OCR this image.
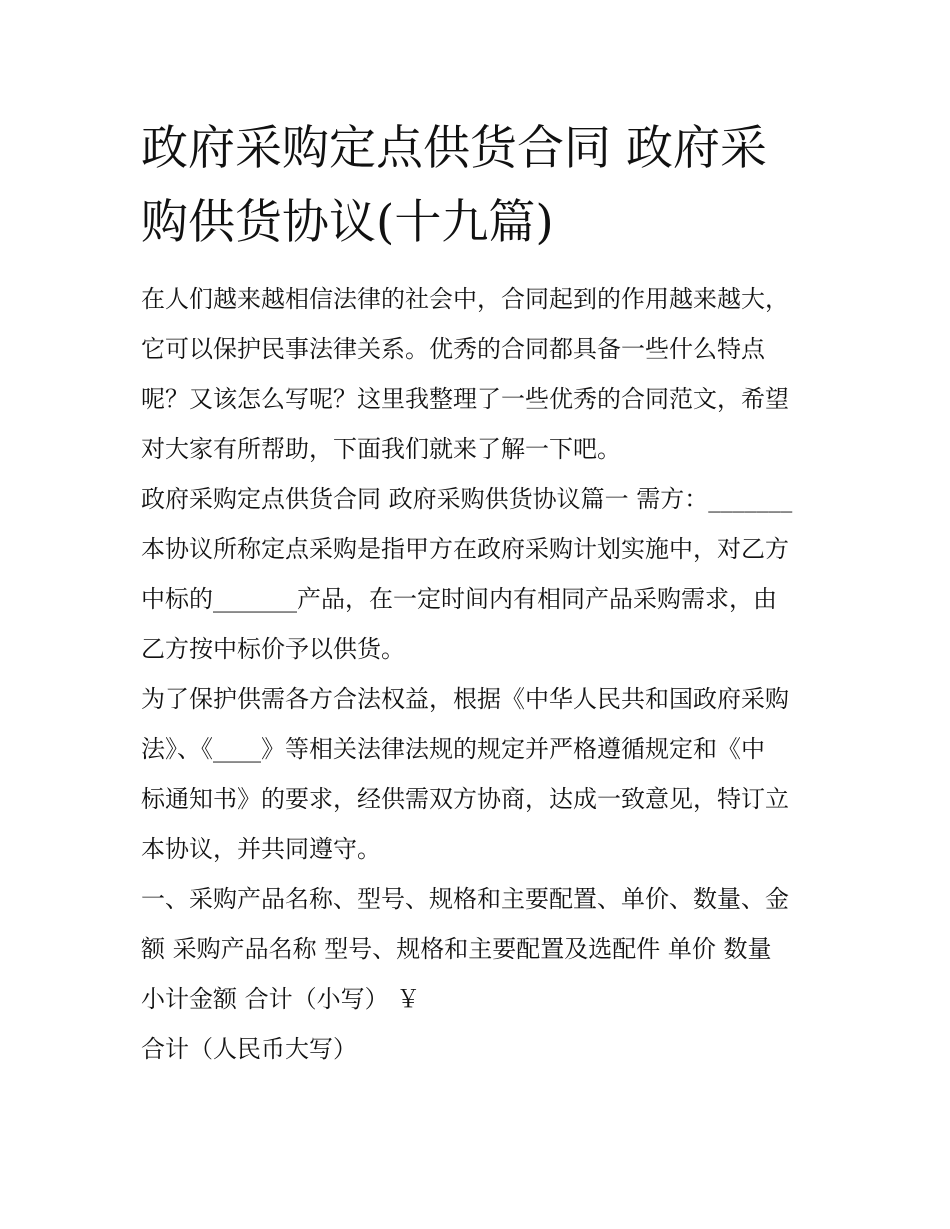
政府采购定点供货合同 政府采
购供货协议(十九篇)
在人们越来越相信法律的社会中，合同起到的作用越来越大，
它可以保护民事法律关系。优秀的合同都具备一些什么特点
呢？又该怎么写呢？这里我整理了一些优秀的合同范文，希望
对大家有所帮助，下面我们就来了解一下吧。
政府采购定点供货合同 政府采购供货协议篇一 需方：_______
本协议所称定点采购是指甲方在政府采购计划实施中，对乙方
中标的_______产品，在一定时间内有相同产品采购需求，由
乙方按中标价予以供货。
为了保护供需各方合法权益，根据《中华人民共和国政府采购
法》、《____》等相关法律法规的规定并严格遵循规定和《中
标通知书》的要求，经供需双方协商，达成一致意见，特订立
本协议，并共同遵守。
一、采购产品名称、型号、规格和主要配置、单价、数量、金
额 采购产品名称 型号、规格和主要配置及选配件 单价 数量
小计金额 合计（小写） ￥
合计（人民币大写）
